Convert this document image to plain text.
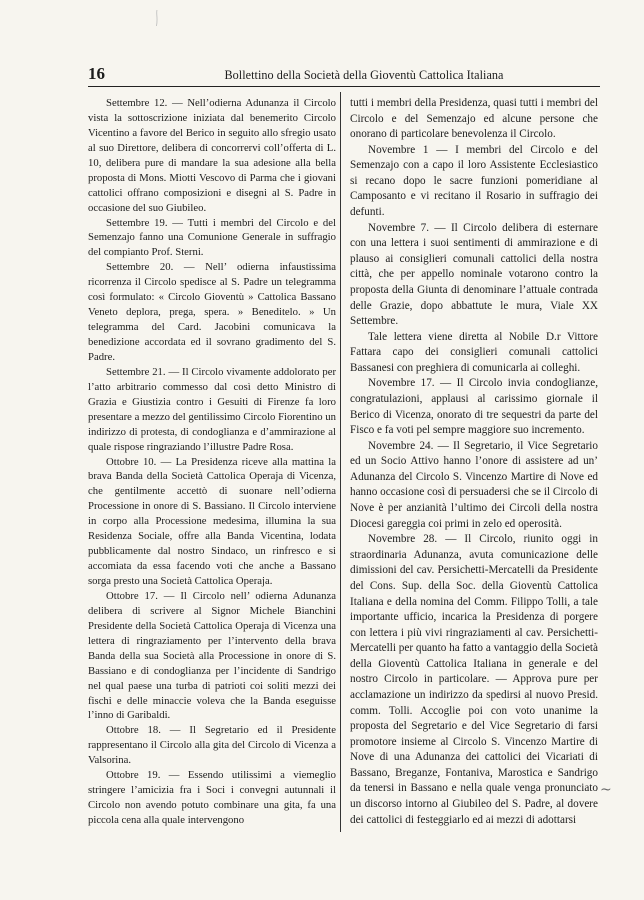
16	Bollettino della Società della Gioventù Cattolica Italiana

Settembre 12. — Nell’odierna Adunanza il Circolo vista la sottoscrizione iniziata dal benemerito Circolo Vicentino a favore del Berico in seguito allo sfregio usato al suo Direttore, delibera di concorrervi coll’offerta di L. 10, delibera pure di mandare la sua adesione alla bella proposta di Mons. Miotti Vescovo di Parma che i giovani cattolici offrano composizioni e disegni al S. Padre in occasione del suo Giubileo.

Settembre 19. — Tutti i membri del Circolo e del Semenzajo fanno una Comunione Generale in suffragio del compianto Prof. Sterni.

Settembre 20. — Nell’ odierna infaustissima ricorrenza il Circolo spedisce al S. Padre un telegramma così formulato: « Circolo Gioventù » Cattolica Bassano Veneto deplora, prega, spera. » Beneditelo. » Un telegramma del Card. Jacobini comunicava la benedizione accordata ed il sovrano gradimento del S. Padre.

Settembre 21. — Il Circolo vivamente addolorato per l’atto arbitrario commesso dal così detto Ministro di Grazia e Giustizia contro i Gesuiti di Firenze fa loro presentare a mezzo del gentilissimo Circolo Fiorentino un indirizzo di protesta, di condoglianza e d’ammirazione al quale rispose ringraziando l’illustre Padre Rosa.

Ottobre 10. — La Presidenza riceve alla mattina la brava Banda della Società Cattolica Operaja di Vicenza, che gentilmente accettò di suonare nell’odierna Processione in onore di S. Bassiano. Il Circolo interviene in corpo alla Processione medesima, illumina la sua Residenza Sociale, offre alla Banda Vicentina, lodata pubblicamente dal nostro Sindaco, un rinfresco e si accomiata da essa facendo voti che anche a Bassano sorga presto una Società Cattolica Operaja.

Ottobre 17. — Il Circolo nell’ odierna Adunanza delibera di scrivere al Signor Michele Bianchini Presidente della Società Cattolica Operaja di Vicenza una lettera di ringraziamento per l’intervento della brava Banda della sua Società alla Processione in onore di S. Bassiano e di condoglianza per l’incidente di Sandrigo nel qual paese una turba di patrioti coi soliti mezzi dei fischi e delle minaccie voleva che la Banda eseguisse l’inno di Garibaldi.

Ottobre 18. — Il Segretario ed il Presidente rappresentano il Circolo alla gita del Circolo di Vicenza a Valsorina.

Ottobre 19. — Essendo utilissimi a viemeglio stringere l’amicizia fra i Soci i convegni autunnali il Circolo non avendo potuto combinare una gita, fa una piccola cena alla quale intervengono

tutti i membri della Presidenza, quasi tutti i membri del Circolo e del Semenzajo ed alcune persone che onorano di particolare benevolenza il Circolo.

Novembre 1 — I membri del Circolo e del Semenzajo con a capo il loro Assistente Ecclesiastico si recano dopo le sacre funzioni pomeridiane al Camposanto e vi recitano il Rosario in suffragio dei defunti.

Novembre 7. — Il Circolo delibera di esternare con una lettera i suoi sentimenti di ammirazione e di plauso ai consiglieri comunali cattolici della nostra città, che per appello nominale votarono contro la proposta della Giunta di denominare l’attuale contrada delle Grazie, dopo abbattute le mura, Viale XX Settembre.

Tale lettera viene diretta al Nobile D.r Vittore Fattara capo dei consiglieri comunali cattolici Bassanesi con preghiera di comunicarla ai colleghi.

Novembre 17. — Il Circolo invia condoglianze, congratulazioni, applausi al carissimo giornale il Berico di Vicenza, onorato di tre sequestri da parte del Fisco e fa voti pel sempre maggiore suo incremento.

Novembre 24. — Il Segretario, il Vice Segretario ed un Socio Attivo hanno l’onore di assistere ad un’ Adunanza del Circolo S. Vincenzo Martire di Nove ed hanno occasione così di persuadersi che se il Circolo di Nove è per anzianità l’ultimo dei Circoli della nostra Diocesi gareggia coi primi in zelo ed operosità.

Novembre 28. — Il Circolo, riunito oggi in straordinaria Adunanza, avuta comunicazione delle dimissioni del cav. Persichetti-Mercatelli da Presidente del Cons. Sup. della Soc. della Gioventù Cattolica Italiana e della nomina del Comm. Filippo Tolli, a tale importante ufficio, incarica la Presidenza di porgere con lettera i più vivi ringraziamenti al cav. Persichetti-Mercatelli per quanto ha fatto a vantaggio della Società della Gioventù Cattolica Italiana in generale e del nostro Circolo in particolare. — Approva pure per acclamazione un indirizzo da spedirsi al nuovo Presid. comm. Tolli. Accoglie poi con voto unanime la proposta del Segretario e del Vice Segretario di farsi promotore insieme al Circolo S. Vincenzo Martire di Nove di una Adunanza dei cattolici dei Vicariati di Bassano, Breganze, Fontaniva, Marostica e Sandrigo da tenersi in Bassano e nella quale venga pronunciato un discorso intorno al Giubileo del S. Padre, al dovere dei cattolici di festeggiarlo ed ai mezzi di adottarsi

~
